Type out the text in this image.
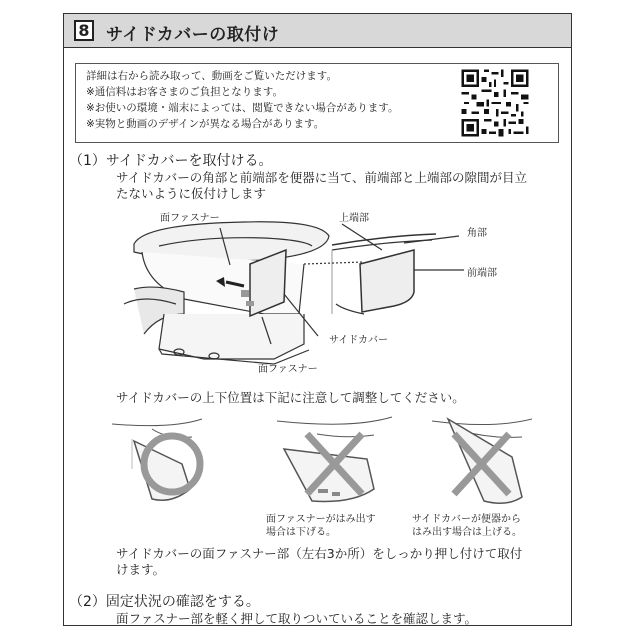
8 サイドカバーの取付け
詳細は右から読み取って、動画をご覧いただけます。
※通信料はお客さまのご負担となります。
※お使いの環境・端末によっては、閲覧できない場合があります。
※実物と動画のデザインが異なる場合があります。
（1）サイドカバーを取付ける。
サイドカバーの角部と前端部を便器に当て、前端部と上端部の隙間が目立
たないように仮付けします
面ファスナー	上端部
角部
前端部
サイドカバー
面ファスナー
サイドカバーの上下位置は下記に注意して調整してください。
面ファスナーがはみ出す
場合は下げる。
サイドカバーが便器から
はみ出す場合は上げる。
サイドカバーの面ファスナー部（左右3か所）をしっかり押し付けて取付
けます。
（2）固定状況の確認をする。
面ファスナー部を軽く押して取りついていることを確認します。
